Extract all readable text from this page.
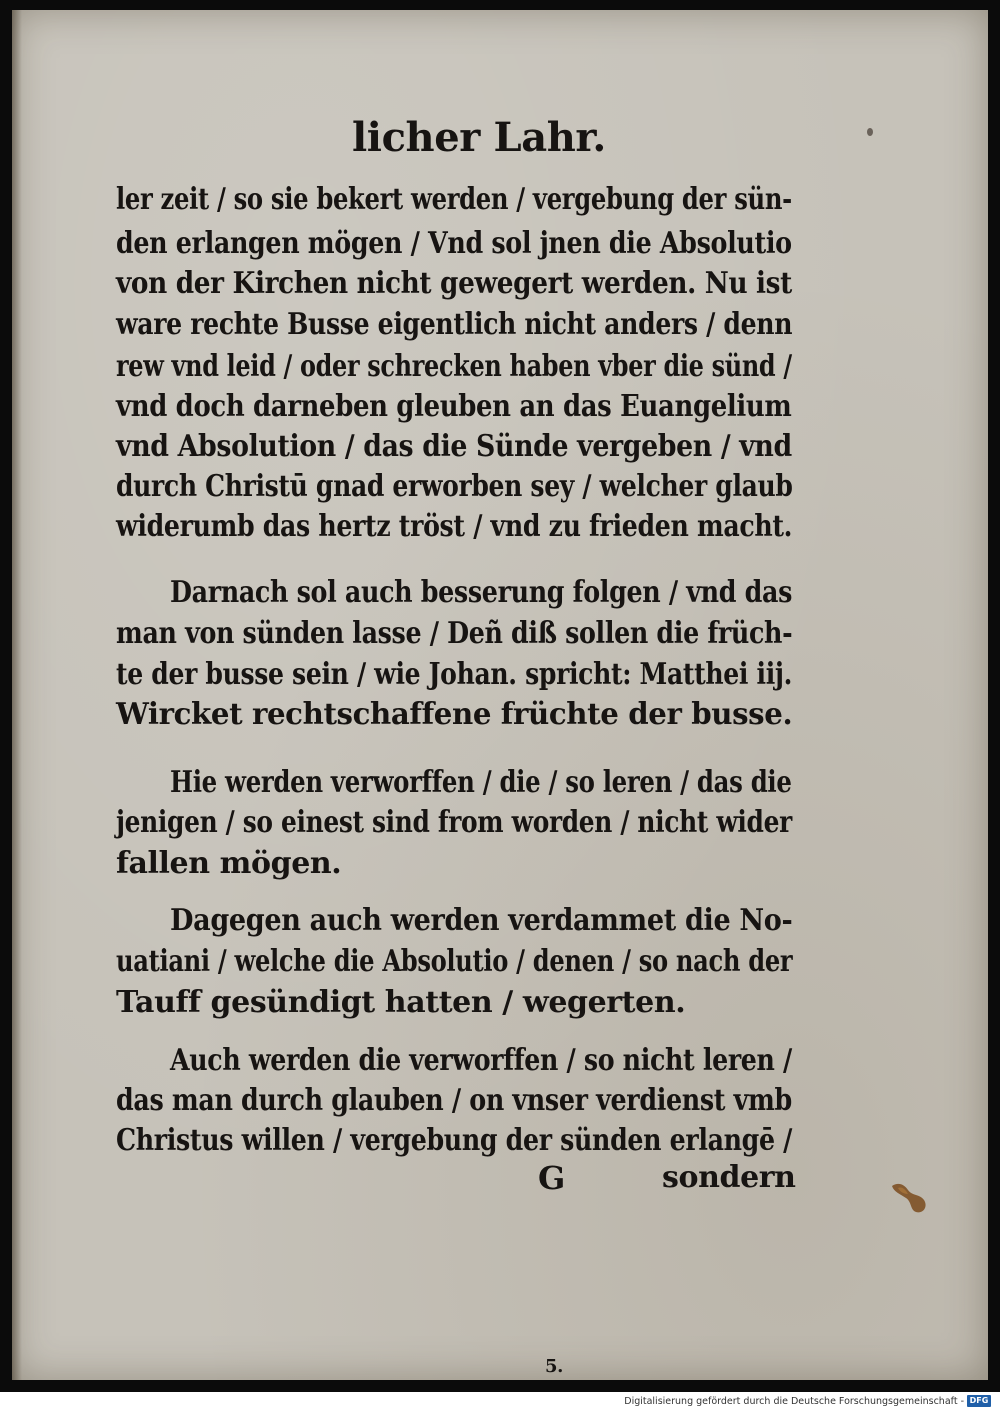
licher Lahr.
ler zeit / so sie bekert werden / vergebung der sün-
den erlangen mögen / Vnd sol jnen die Absolutio
von der Kirchen nicht gewegert werden. Nu ist
ware rechte Busse eigentlich nicht anders / denn
rew vnd leid / oder schrecken haben vber die sünd /
vnd doch darneben gleuben an das Euangelium
vnd Absolution / das die Sünde vergeben / vnd
durch Christū gnad erworben sey / welcher glaub
widerumb das hertz tröst / vnd zu frieden macht.
Darnach sol auch besserung folgen / vnd das
man von sünden lasse / Deñ diß sollen die früch-
te der busse sein / wie Johan. spricht: Matthei iij.
Wircket rechtschaffene früchte der busse.
Hie werden verworffen / die / so leren / das die
jenigen / so einest sind from worden / nicht wider
fallen mögen.
Dagegen auch werden verdammet die No-
uatiani / welche die Absolutio / denen / so nach der
Tauff gesündigt hatten / wegerten.
Auch werden die verworffen / so nicht leren /
das man durch glauben / on vnser verdienst vmb
Christus willen / vergebung der sünden erlangē /
G	sondern
5.
Digitalisierung gefördert durch die Deutsche Forschungsgemeinschaft - DFG
